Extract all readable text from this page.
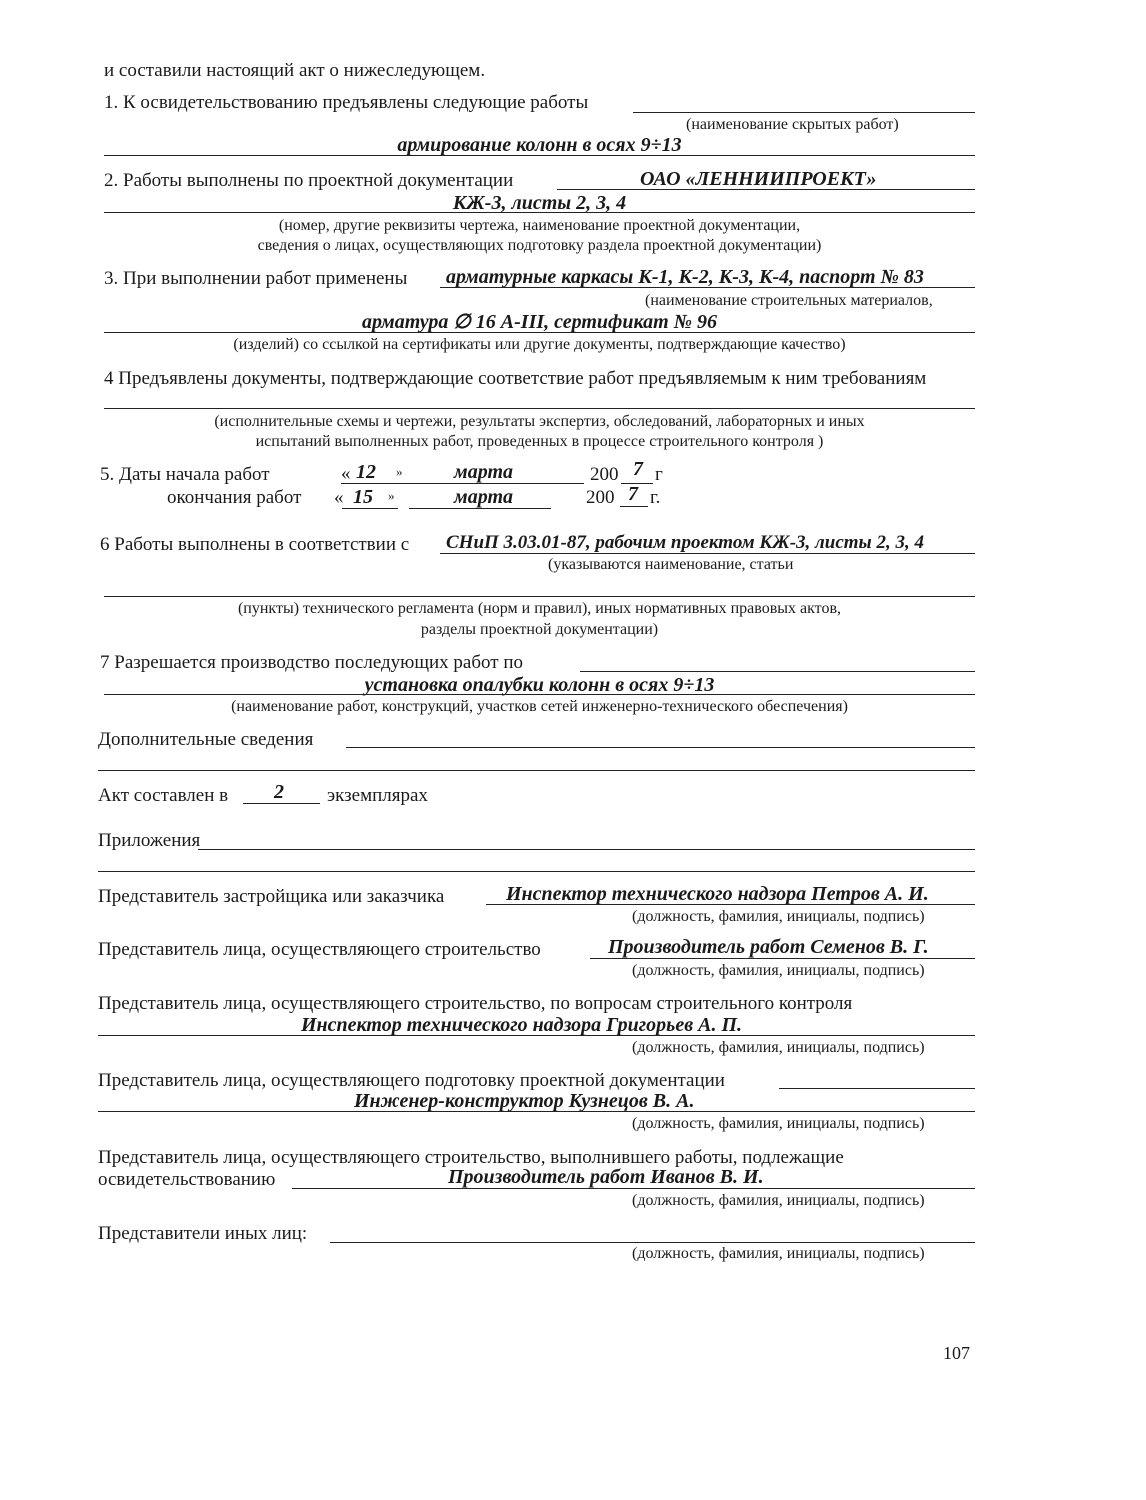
и составили настоящий акт о нижеследующем.
1. К освидетельствованию предъявлены следующие работы
(наименование скрытых работ)
армирование колонн в осях 9÷13
2. Работы выполнены по проектной документации	ОАО «ЛЕННИИПРОЕКТ»
КЖ-3, листы 2, 3, 4
(номер, другие реквизиты чертежа, наименование проектной документации,
сведения о лицах, осуществляющих подготовку раздела проектной документации)
3. При выполнении работ применены арматурные каркасы К-1, К-2, К-3, К-4, паспорт № 83
(наименование строительных материалов,
арматура ∅ 16 А-III, сертификат № 96
(изделий) со ссылкой на сертификаты или другие документы, подтверждающие качество)
4 Предъявлены документы, подтверждающие соответствие работ предъявляемым к ним требованиям
(исполнительные схемы и чертежи, результаты экспертиз, обследований, лабораторных и иных
испытаний выполненных работ, проведенных в процессе строительного контроля )
5. Даты начала работ	« 12 »	марта	200 7 г
окончания работ « 15 »	марта	200 7 г.
6 Работы выполнены в соответствии с СНиП 3.03.01-87, рабочим проектом КЖ-3, листы 2, 3, 4
(указываются наименование, статьи
(пункты) технического регламента (норм и правил), иных нормативных правовых актов,
разделы проектной документации)
7 Разрешается производство последующих работ по
установка опалубки колонн в осях 9÷13
(наименование работ, конструкций, участков сетей инженерно-технического обеспечения)
Дополнительные сведения
Акт составлен в 2 экземплярах
Приложения
Представитель застройщика или заказчика	Инспектор технического надзора Петров А. И.
(должность, фамилия, инициалы, подпись)
Представитель лица, осуществляющего строительство	Производитель работ Семенов В. Г.
(должность, фамилия, инициалы, подпись)
Представитель лица, осуществляющего строительство, по вопросам строительного контроля
Инспектор технического надзора Григорьев А. П.
(должность, фамилия, инициалы, подпись)
Представитель лица, осуществляющего подготовку проектной документации
Инженер-конструктор Кузнецов В. А.
(должность, фамилия, инициалы, подпись)
Представитель лица, осуществляющего строительство, выполнившего работы, подлежащие
освидетельствованию	Производитель работ Иванов В. И.
(должность, фамилия, инициалы, подпись)
Представители иных лиц:
(должность, фамилия, инициалы, подпись)
107
